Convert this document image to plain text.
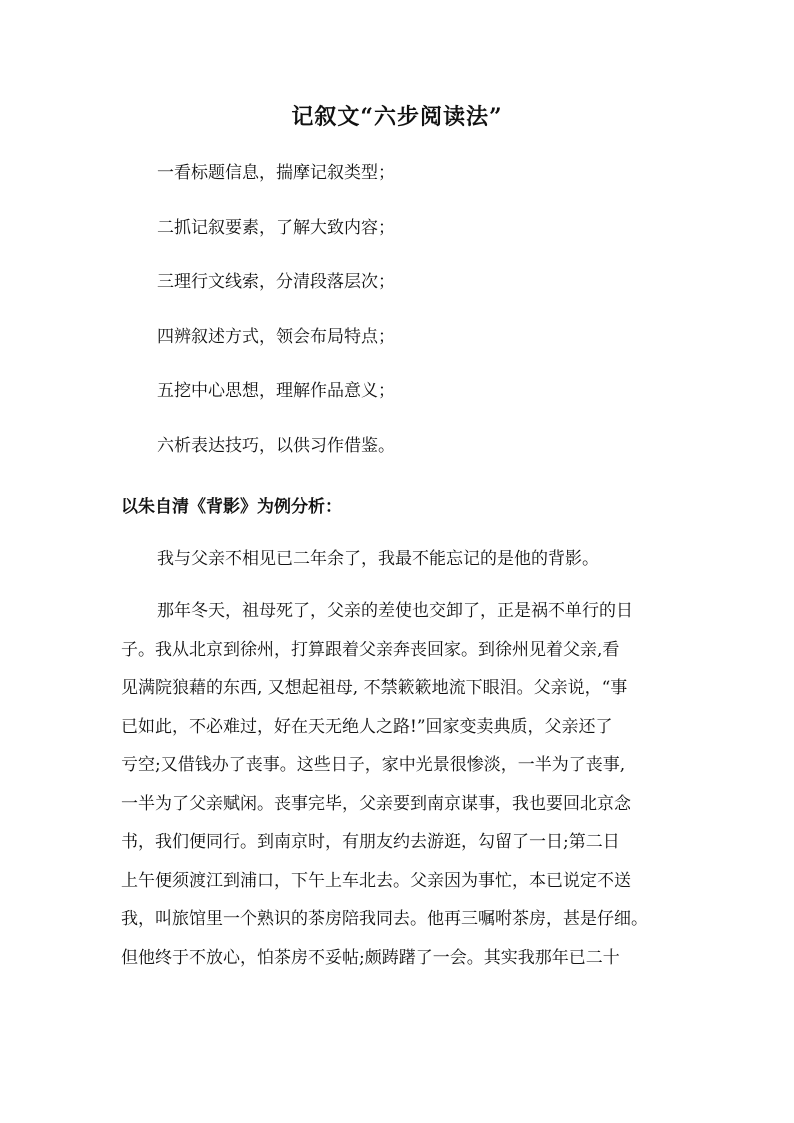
记叙文“六步阅读法”
一看标题信息，揣摩记叙类型；
二抓记叙要素，了解大致内容；
三理行文线索，分清段落层次；
四辨叙述方式，领会布局特点；
五挖中心思想，理解作品意义；
六析表达技巧，以供习作借鉴。
以朱自清《背影》为例分析：
我与父亲不相见已二年余了，我最不能忘记的是他的背影。
那年冬天，祖母死了，父亲的差使也交卸了，正是祸不单行的日
子。我从北京到徐州，打算跟着父亲奔丧回家。到徐州见着父亲,看
见满院狼藉的东西, 又想起祖母, 不禁簌簌地流下眼泪。父亲说，“事
已如此，不必难过，好在天无绝人之路!”回家变卖典质，父亲还了
亏空;又借钱办了丧事。这些日子，家中光景很惨淡，一半为了丧事,
一半为了父亲赋闲。丧事完毕，父亲要到南京谋事，我也要回北京念
书，我们便同行。到南京时，有朋友约去游逛，勾留了一日;第二日
上午便须渡江到浦口，下午上车北去。父亲因为事忙，本已说定不送
我，叫旅馆里一个熟识的茶房陪我同去。他再三嘱咐茶房，甚是仔细。
但他终于不放心，怕茶房不妥帖;颇踌躇了一会。其实我那年已二十
